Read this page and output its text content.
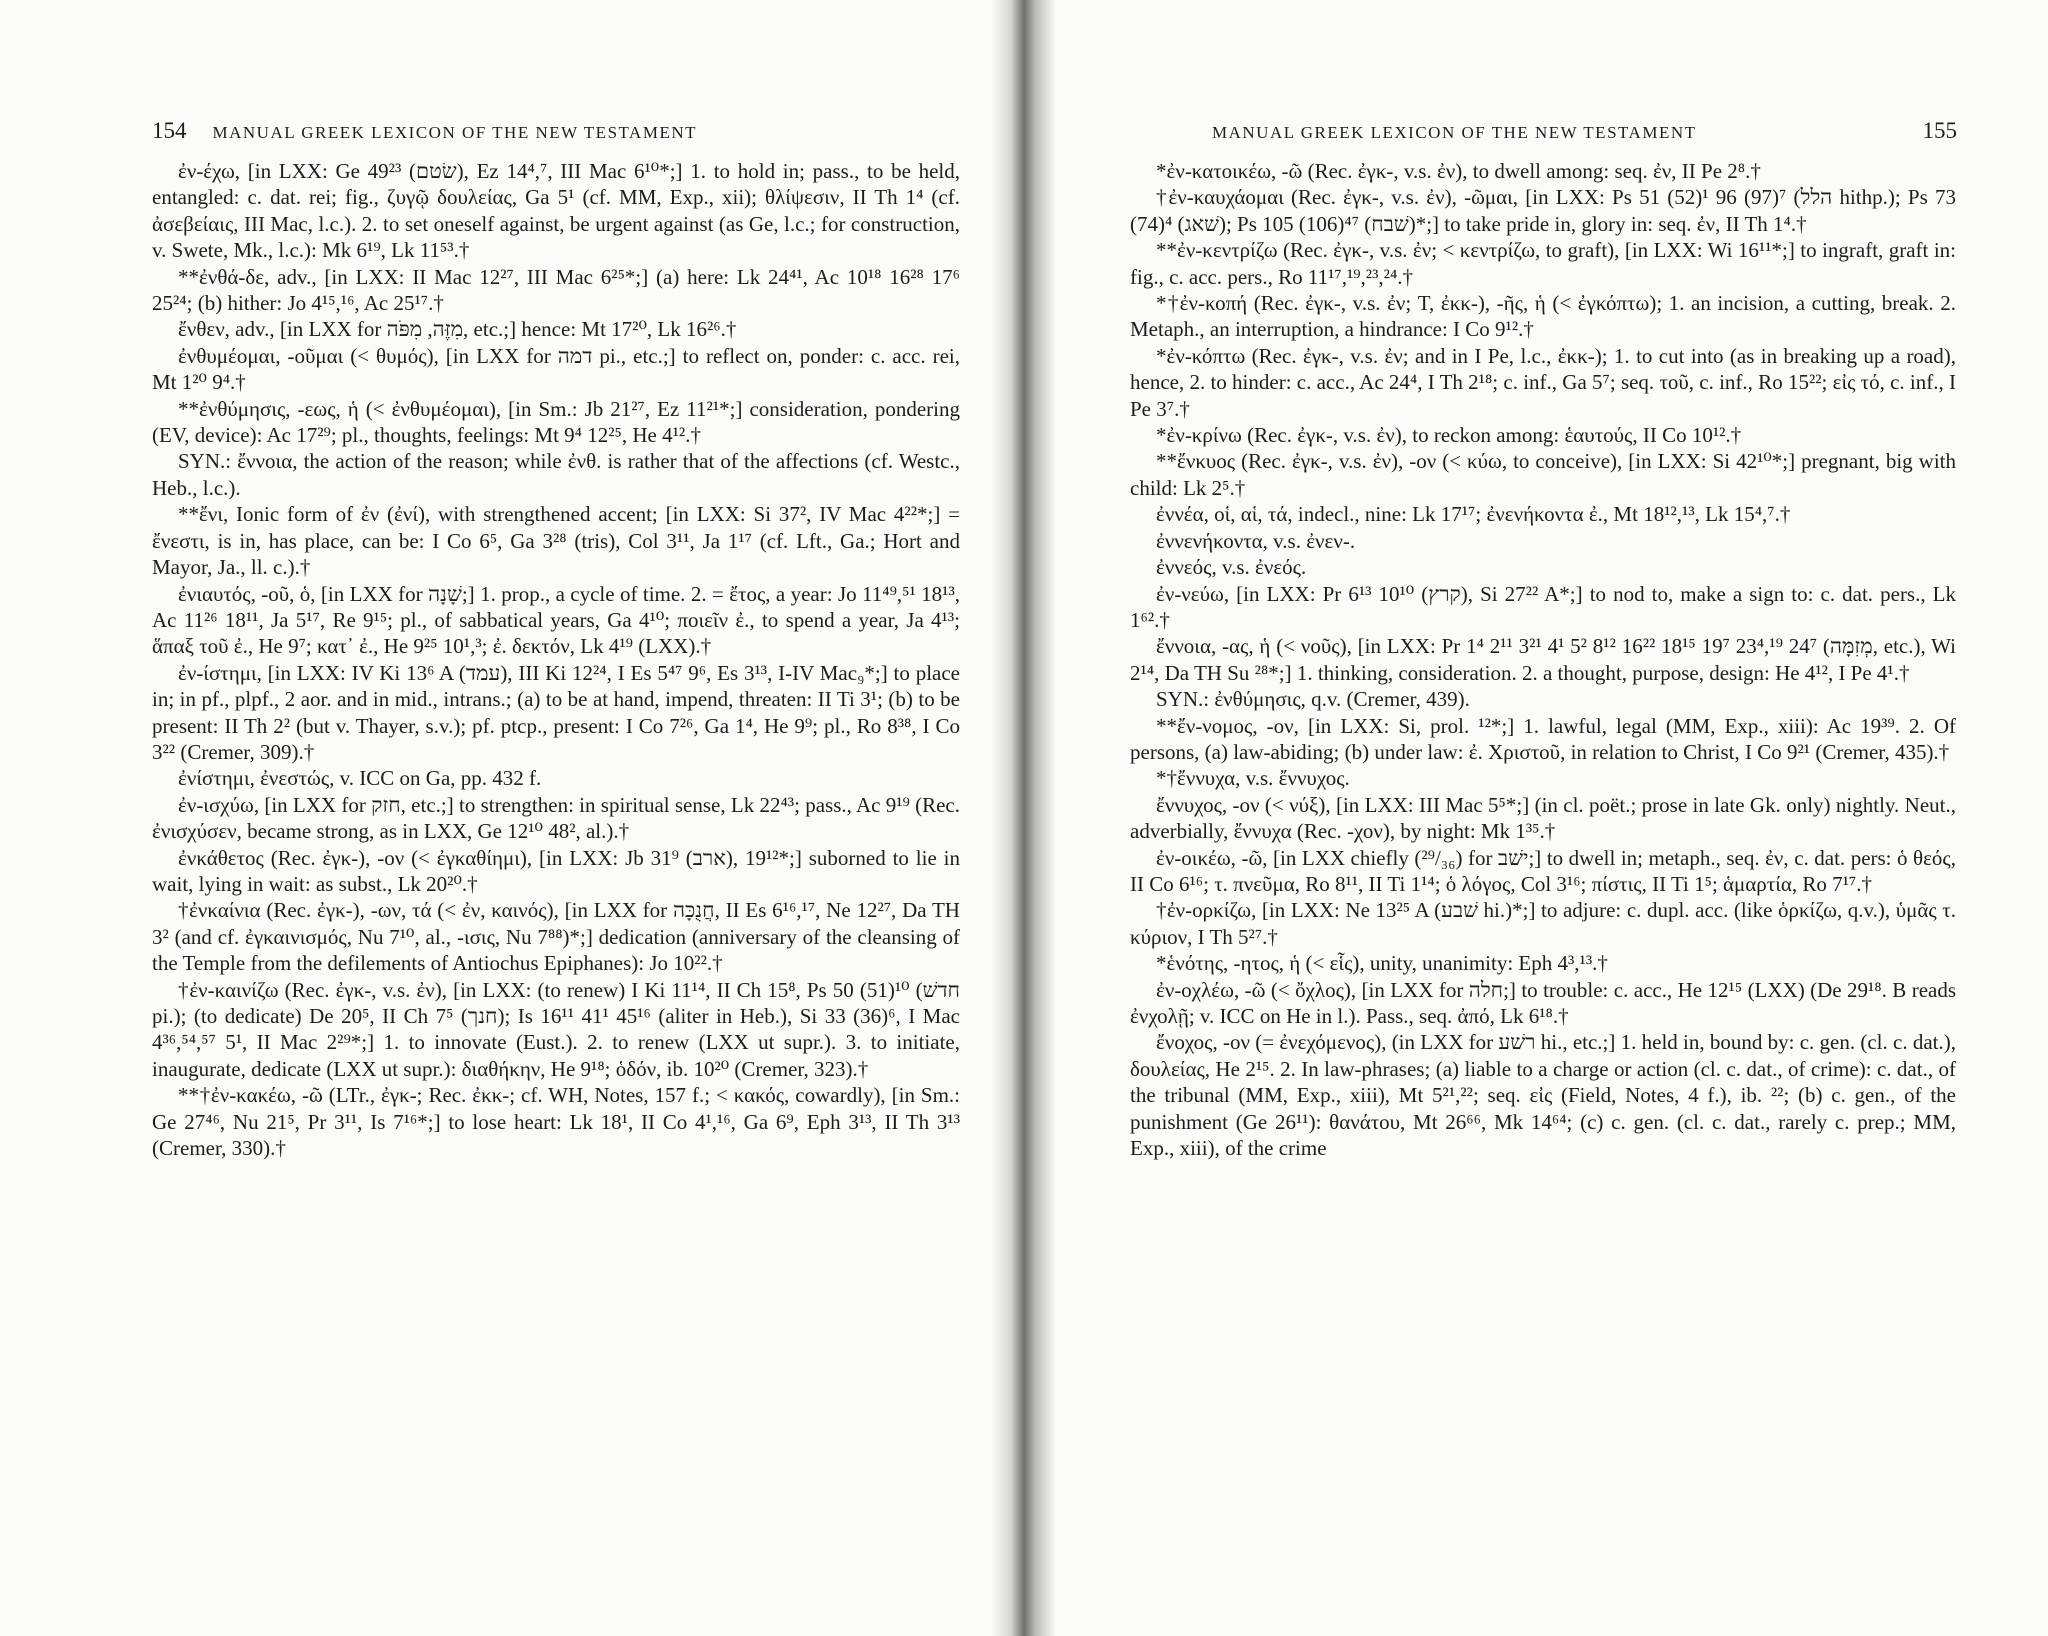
154 MANUAL GREEK LEXICON OF THE NEW TESTAMENT

ἐν-έχω, [in LXX: Ge 49²³ (שׂטם), Ez 14⁴,⁷, III Mac 6¹⁰*;] 1. to hold in; pass., to be held, entangled: c. dat. rei; fig., ζυγῷ δουλείας, Ga 5¹ (cf. MM, Exp., xii); θλίψεσιν, II Th 1⁴ (cf. ἀσεβείαις, III Mac, l.c.). 2. to set oneself against, be urgent against (as Ge, l.c.; for construction, v. Swete, Mk., l.c.): Mk 6¹⁹, Lk 11⁵³.†

**ἐνθά-δε, adv., [in LXX: II Mac 12²⁷, III Mac 6²⁵*;] (a) here: Lk 24⁴¹, Ac 10¹⁸ 16²⁸ 17⁶ 25²⁴; (b) hither: Jo 4¹⁵,¹⁶, Ac 25¹⁷.†

ἔνθεν, adv., [in LXX for מִזֶּה, מִפֹּה, etc.;] hence: Mt 17²⁰, Lk 16²⁶.†

ἐνθυμέομαι, -οῦμαι (< θυμός), [in LXX for דמה pi., etc.;] to reflect on, ponder: c. acc. rei, Mt 1²⁰ 9⁴.†

**ἐνθύμησις, -εως, ἡ (< ἐνθυμέομαι), [in Sm.: Jb 21²⁷, Ez 11²¹*;] consideration, pondering (EV, device): Ac 17²⁹; pl., thoughts, feelings: Mt 9⁴ 12²⁵, He 4¹².†

SYN.: ἔννοια, the action of the reason; while ἐνθ. is rather that of the affections (cf. Westc., Heb., l.c.).

**ἔνι, Ionic form of ἐν (ἐνί), with strengthened accent; [in LXX: Si 37², IV Mac 4²²*;] = ἔνεστι, is in, has place, can be: I Co 6⁵, Ga 3²⁸ (tris), Col 3¹¹, Ja 1¹⁷ (cf. Lft., Ga.; Hort and Mayor, Ja., ll. c.).†

ἐνιαυτός, -οῦ, ὁ, [in LXX for שָׁנָה;] 1. prop., a cycle of time. 2. = ἔτος, a year: Jo 11⁴⁹,⁵¹ 18¹³, Ac 11²⁶ 18¹¹, Ja 5¹⁷, Re 9¹⁵; pl., of sabbatical years, Ga 4¹⁰; ποιεῖν ἐ., to spend a year, Ja 4¹³; ἅπαξ τοῦ ἐ., He 9⁷; κατ᾽ ἐ., He 9²⁵ 10¹,³; ἐ. δεκτόν, Lk 4¹⁹ (LXX).†

ἐν-ίστημι, [in LXX: IV Ki 13⁶ A (עמד), III Ki 12²⁴, I Es 5⁴⁷ 9⁶, Es 3¹³, I-IV Mac₉*;] to place in; in pf., plpf., 2 aor. and in mid., intrans.; (a) to be at hand, impend, threaten: II Ti 3¹; (b) to be present: II Th 2² (but v. Thayer, s.v.); pf. ptcp., present: I Co 7²⁶, Ga 1⁴, He 9⁹; pl., Ro 8³⁸, I Co 3²² (Cremer, 309).†

ἐνίστημι, ἐνεστώς, v. ICC on Ga, pp. 432 f.

ἐν-ισχύω, [in LXX for חזק, etc.;] to strengthen: in spiritual sense, Lk 22⁴³; pass., Ac 9¹⁹ (Rec. ἐνισχύσεν, became strong, as in LXX, Ge 12¹⁰ 48², al.).†

ἐνκάθετος (Rec. ἐγκ-), -ον (< ἐγκαθίημι), [in LXX: Jb 31⁹ (ארב), 19¹²*;] suborned to lie in wait, lying in wait: as subst., Lk 20²⁰.†

†ἐνκαίνια (Rec. ἐγκ-), -ων, τά (< ἐν, καινός), [in LXX for חֲנֻכָּה, II Es 6¹⁶,¹⁷, Ne 12²⁷, Da TH 3² (and cf. ἐγκαινισμός, Nu 7¹⁰, al., -ισις, Nu 7⁸⁸)*;] dedication (anniversary of the cleansing of the Temple from the defilements of Antiochus Epiphanes): Jo 10²².†

†ἐν-καινίζω (Rec. ἐγκ-, v.s. ἐν), [in LXX: (to renew) I Ki 11¹⁴, II Ch 15⁸, Ps 50 (51)¹⁰ (חדשׁ pi.); (to dedicate) De 20⁵, II Ch 7⁵ (חנך); Is 16¹¹ 41¹ 45¹⁶ (aliter in Heb.), Si 33 (36)⁶, I Mac 4³⁶,⁵⁴,⁵⁷ 5¹, II Mac 2²⁹*;] 1. to innovate (Eust.). 2. to renew (LXX ut supr.). 3. to initiate, inaugurate, dedicate (LXX ut supr.): διαθήκην, He 9¹⁸; ὁδόν, ib. 10²⁰ (Cremer, 323).†

**†ἐν-κακέω, -ῶ (LTr., ἐγκ-; Rec. ἐκκ-; cf. WH, Notes, 157 f.; < κακός, cowardly), [in Sm.: Ge 27⁴⁶, Nu 21⁵, Pr 3¹¹, Is 7¹⁶*;] to lose heart: Lk 18¹, II Co 4¹,¹⁶, Ga 6⁹, Eph 3¹³, II Th 3¹³ (Cremer, 330).†

MANUAL GREEK LEXICON OF THE NEW TESTAMENT	155

*ἐν-κατοικέω, -ῶ (Rec. ἐγκ-, v.s. ἐν), to dwell among: seq. ἐν, II Pe 2⁸.†

†ἐν-καυχάομαι (Rec. ἐγκ-, v.s. ἐν), -ῶμαι, [in LXX: Ps 51 (52)¹ 96 (97)⁷ (הלל hithp.); Ps 73 (74)⁴ (שׁאג); Ps 105 (106)⁴⁷ (שׁבח)*;] to take pride in, glory in: seq. ἐν, II Th 1⁴.†

**ἐν-κεντρίζω (Rec. ἐγκ-, v.s. ἐν; < κεντρίζω, to graft), [in LXX: Wi 16¹¹*;] to ingraft, graft in: fig., c. acc. pers., Ro 11¹⁷,¹⁹,²³,²⁴.†

*†ἐν-κοπή (Rec. ἐγκ-, v.s. ἐν; T, ἐκκ-), -ῆς, ἡ (< ἐγκόπτω); 1. an incision, a cutting, break. 2. Metaph., an interruption, a hindrance: I Co 9¹².†

*ἐν-κόπτω (Rec. ἐγκ-, v.s. ἐν; and in I Pe, l.c., ἐκκ-); 1. to cut into (as in breaking up a road), hence, 2. to hinder: c. acc., Ac 24⁴, I Th 2¹⁸; c. inf., Ga 5⁷; seq. τοῦ, c. inf., Ro 15²²; εἰς τό, c. inf., I Pe 3⁷.†

*ἐν-κρίνω (Rec. ἐγκ-, v.s. ἐν), to reckon among: ἑαυτούς, II Co 10¹².†

**ἔνκυος (Rec. ἐγκ-, v.s. ἐν), -ον (< κύω, to conceive), [in LXX: Si 42¹⁰*;] pregnant, big with child: Lk 2⁵.†

ἐννέα, οἱ, αἱ, τά, indecl., nine: Lk 17¹⁷; ἐνενήκοντα ἐ., Mt 18¹²,¹³, Lk 15⁴,⁷.†

ἐννενήκοντα, v.s. ἐνεν-.

ἐννεός, v.s. ἐνεός.

ἐν-νεύω, [in LXX: Pr 6¹³ 10¹⁰ (קרץ), Si 27²² A*;] to nod to, make a sign to: c. dat. pers., Lk 1⁶².†

ἔννοια, -ας, ἡ (< νοῦς), [in LXX: Pr 1⁴ 2¹¹ 3²¹ 4¹ 5² 8¹² 16²² 18¹⁵ 19⁷ 23⁴,¹⁹ 24⁷ (מְזִמָּה, etc.), Wi 2¹⁴, Da TH Su ²⁸*;] 1. thinking, consideration. 2. a thought, purpose, design: He 4¹², I Pe 4¹.†

SYN.: ἐνθύμησις, q.v. (Cremer, 439).

**ἔν-νομος, -ον, [in LXX: Si, prol. ¹²*;] 1. lawful, legal (MM, Exp., xiii): Ac 19³⁹. 2. Of persons, (a) law-abiding; (b) under law: ἐ. Χριστοῦ, in relation to Christ, I Co 9²¹ (Cremer, 435).†

*†ἔννυχα, v.s. ἔννυχος.

ἔννυχος, -ον (< νύξ), [in LXX: III Mac 5⁵*;] (in cl. poët.; prose in late Gk. only) nightly. Neut., adverbially, ἔννυχα (Rec. -χον), by night: Mk 1³⁵.†

ἐν-οικέω, -ῶ, [in LXX chiefly (²⁹/₃₆) for ישׁב;] to dwell in; metaph., seq. ἐν, c. dat. pers: ὁ θεός, II Co 6¹⁶; τ. πνεῦμα, Ro 8¹¹, II Ti 1¹⁴; ὁ λόγος, Col 3¹⁶; πίστις, II Ti 1⁵; ἁμαρτία, Ro 7¹⁷.†

†ἐν-ορκίζω, [in LXX: Ne 13²⁵ A (שׁבע hi.)*;] to adjure: c. dupl. acc. (like ὁρκίζω, q.v.), ὑμᾶς τ. κύριον, I Th 5²⁷.†

*ἑνότης, -ητος, ἡ (< εἷς), unity, unanimity: Eph 4³,¹³.†

ἐν-οχλέω, -ῶ (< ὄχλος), [in LXX for חלה;] to trouble: c. acc., He 12¹⁵ (LXX) (De 29¹⁸. B reads ἐνχολῇ; v. ICC on He in l.). Pass., seq. ἀπό, Lk 6¹⁸.†

ἔνοχος, -ον (= ἐνεχόμενος), (in LXX for רשׁע hi., etc.;] 1. held in, bound by: c. gen. (cl. c. dat.), δουλείας, He 2¹⁵. 2. In law-phrases; (a) liable to a charge or action (cl. c. dat., of crime): c. dat., of the tribunal (MM, Exp., xiii), Mt 5²¹,²²; seq. εἰς (Field, Notes, 4 f.), ib. ²²; (b) c. gen., of the punishment (Ge 26¹¹): θανάτου, Mt 26⁶⁶, Mk 14⁶⁴; (c) c. gen. (cl. c. dat., rarely c. prep.; MM, Exp., xiii), of the crime
